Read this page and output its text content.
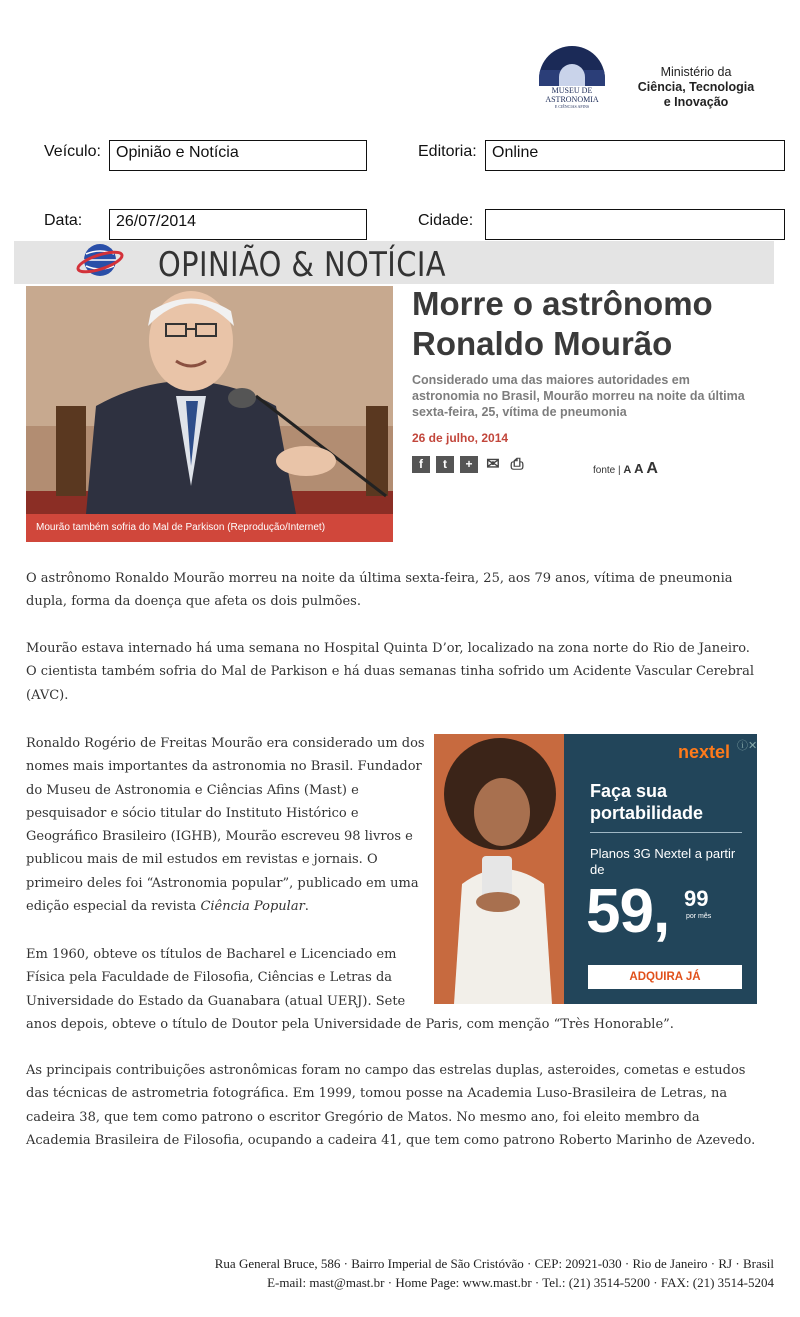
MUSEU DE
ASTRONOMIA
E CIÊNCIAS AFINS
Ministério da
Ciência, Tecnologia
e Inovação
Veículo: Opinião e Notícia	Editoria: Online
Data:	26/07/2014	Cidade:
OPINIÃO & NOTÍCIA
Mourão também sofria do Mal de Parkison (Reprodução/Internet)
Morre o astrônomo Ronaldo Mourão
Considerado uma das maiores autoridades em astronomia no Brasil, Mourão morreu na noite da última sexta-feira, 25, vítima de pneumonia
26 de julho, 2014
f	t	+ ✉ ⎙	fonte | A A A
O astrônomo Ronaldo Mourão morreu na noite da última sexta-feira, 25, aos 79 anos, vítima de pneumonia dupla, forma da doença que afeta os dois pulmões.
Mourão estava internado há uma semana no Hospital Quinta D’or, localizado na zona norte do Rio de Janeiro. O cientista também sofria do Mal de Parkison e há duas semanas tinha sofrido um Acidente Vascular Cerebral (AVC).
Ronaldo Rogério de Freitas Mourão era considerado um dos nomes mais importantes da astronomia no Brasil. Fundador do Museu de Astronomia e Ciências Afins (Mast) e pesquisador e sócio titular do Instituto Histórico e Geográfico Brasileiro (IGHB), Mourão escreveu 98 livros e publicou mais de mil estudos em revistas e jornais. O primeiro deles foi “Astronomia popular”, publicado em uma edição especial da revista Ciência Popular.
Em 1960, obteve os títulos de Bacharel e Licenciado em Física pela Faculdade de Filosofia, Ciências e Letras da Universidade do Estado da Guanabara (atual UERJ). Sete
anos depois, obteve o título de Doutor pela Universidade de Paris, com menção “Très Honorable”.
As principais contribuições astronômicas foram no campo das estrelas duplas, asteroides, cometas e estudos das técnicas de astrometria fotográfica. Em 1999, tomou posse na Academia Luso-Brasileira de Letras, na cadeira 38, que tem como patrono o escritor Gregório de Matos. No mesmo ano, foi eleito membro da Academia Brasileira de Filosofia, ocupando a cadeira 41, que tem como patrono Roberto Marinho de Azevedo.
nextel ⓘ✕
Faça sua portabilidade
Planos 3G Nextel a partir de
59, 99
por mês
ADQUIRA JÁ
Rua General Bruce, 586 · Bairro Imperial de São Cristóvão · CEP: 20921-030 · Rio de Janeiro · RJ · Brasil
E-mail: mast@mast.br · Home Page: www.mast.br · Tel.: (21) 3514-5200 · FAX: (21) 3514-5204
